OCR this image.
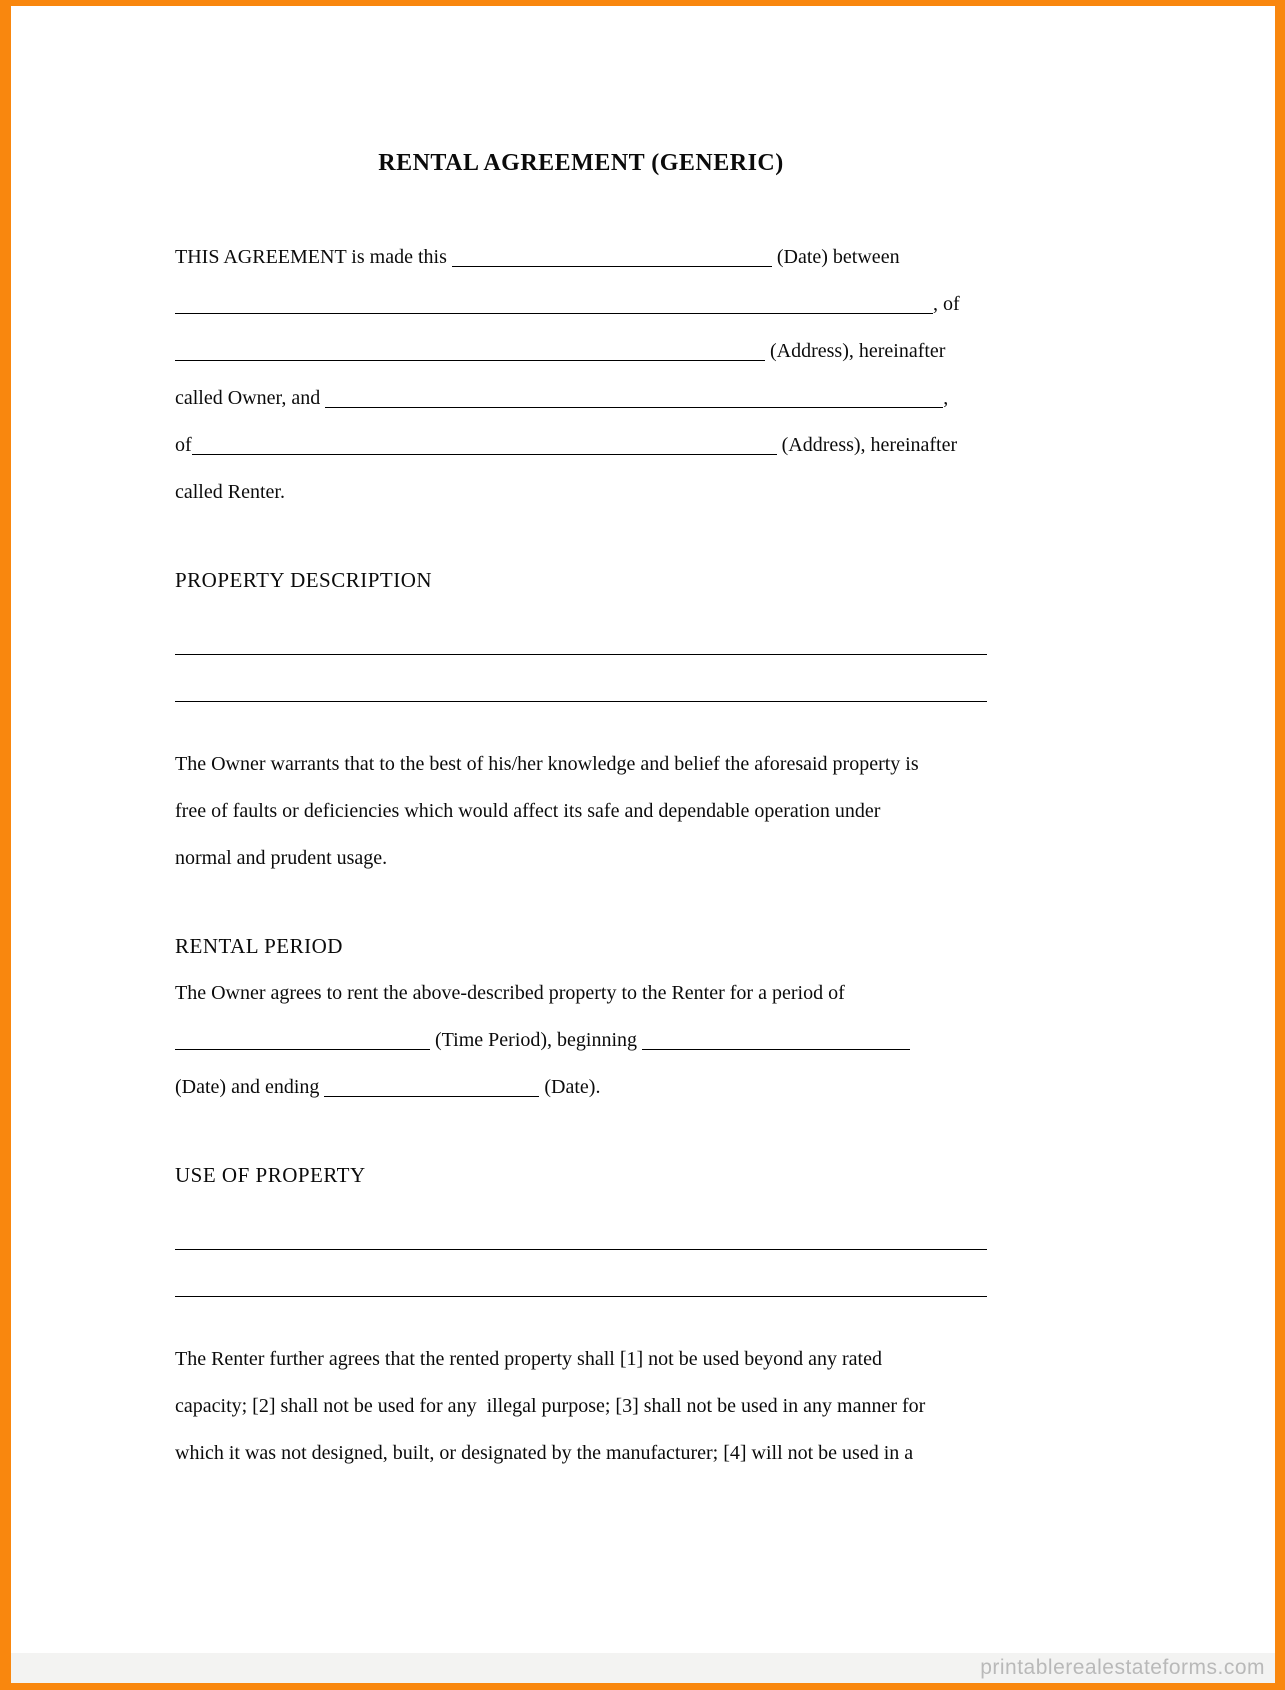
RENTAL AGREEMENT (GENERIC)
THIS AGREEMENT is made this	(Date) between
, of
(Address), hereinafter
called Owner, and	,
of	(Address), hereinafter
called Renter.
PROPERTY DESCRIPTION
The Owner warrants that to the best of his/her knowledge and belief the aforesaid property is
free of faults or deficiencies which would affect its safe and dependable operation under
normal and prudent usage.
RENTAL PERIOD
The Owner agrees to rent the above-described property to the Renter for a period of
(Time Period), beginning
(Date) and ending	(Date).
USE OF PROPERTY
The Renter further agrees that the rented property shall [1] not be used beyond any rated
capacity; [2] shall not be used for any  illegal purpose; [3] shall not be used in any manner for
which it was not designed, built, or designated by the manufacturer; [4] will not be used in a
printablerealestateforms.com
